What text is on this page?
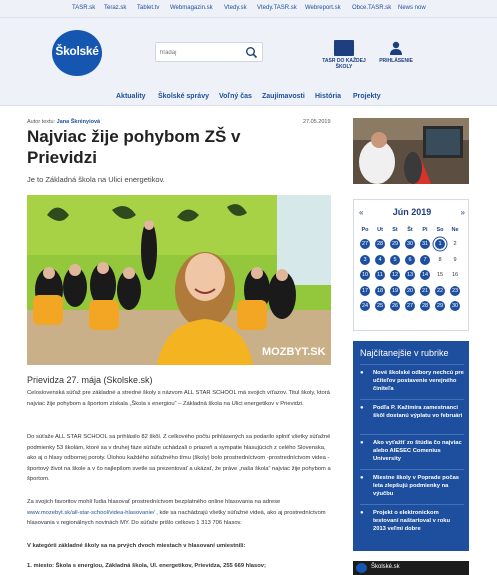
TASR.sk Teraz.sk Tablet.tv Webmagazin.sk Vtedy.sk Vtedy.TASR.sk Webreport.sk Obce.TASR.sk News now
Školské
hľadaj
TASR DO KAŽDEJ ŠKOLY
PRIHLÁSENIE
Aktuality Školské správy Voľný čas Zaujímavosti História Projekty
Autor textu: Jana Škrényiová	27.05.2019
Najviac žije pohybom ZŠ v Prievidzi
Je to Základná škola na Ulici energetikov.
MOZBYT.SK
Prievidza 27. mája (Skolske.sk)

Celoslovenská súťaž pre základné a stredné školy s názvom ALL STAR SCHOOL má svojich víťazov. Titul školy, ktorá najviac žije pohybom a športom získala „Škola s energiou“ – Základná škola na Ulici energetikov v Prievidzi.

Do súťaže ALL STAR SCHOOL sa prihlásilo 82 škôl. Z celkového počtu prihlásených sa podarilo splniť všetky súťažné podmienky 53 školám, ktoré sa v druhej fáze súťaže uchádzali o priazeň a sympatie hlasujúcich z celého Slovenska, ako aj o hlasy odbornej poroty. Úlohou každého súťažného tímu (školy) bolo prostredníctvom -prostredníctvom videa - športový život na škole a v čo najlepšom svetle sa prezentovať a ukázať, že práve „naša škola“ najviac žije pohybom a športom.

Za svojich favoritov mohli ľudia hlasovať prostredníctvom bezplatného online hlasovania na adrese www.mozebyt.sk/all-star-school/videa-hlasovanie/ , kde sa nachádzajú všetky súťažné videá, ako aj prostredníctvom hlasovania v regionálnych novinách MY. Do súťaže prišlo celkovo 1 313 706 hlasov.

V kategórii základné školy sa na prvých dvoch miestach v hlasovaní umiestnili:

1. miesto: Škola s energiou, Základná škola, Ul. energetikov, Prievidza, 255 669 hlasov;

«	Jún 2019	»
Po	Ut	St	Št	Pi	So	Ne
27	28	29	30	31	1	2
3	4	5	6	7	8	9
10	11	12	13	14	15	16
17	18	19	20	21	22	23
24	25	26	27	28	29	30
Najčítanejšie v rubrike
● Nové školské odbory nechcú pre učiteľov postavenie verejného činiteľa
● Podľa P. Kažimíra zamestnanci škôl dostanú výplatu vo februári
● Ako vyťažiť zo štúdia čo najviac alebo AIESEC Comenius University
● Miestne školy v Poprade počas leta zlepšujú podmienky na výučbu
● Projekt o elektronickom testovaní naštartoval v roku 2013 veľmi dobre
Školské.sk
